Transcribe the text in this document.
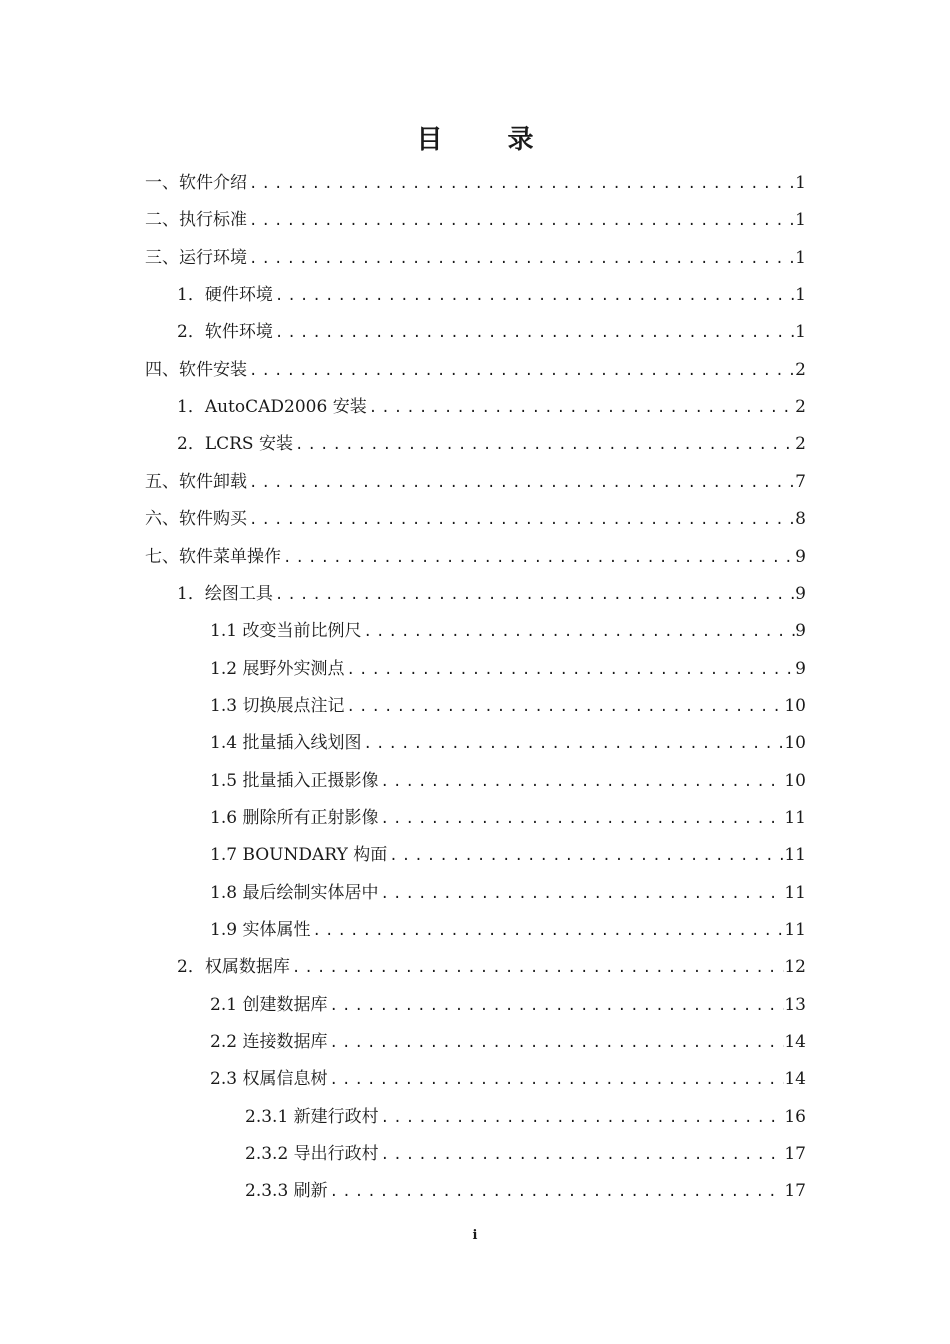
目 录
一、软件介绍 .....	1
二、执行标准 .....	1
三、运行环境 .....	1
1．硬件环境 .....	1
2．软件环境 .....	1
四、软件安装 .....	2
1．AutoCAD2006 安装 .....	2
2．LCRS 安装 .....	2
五、软件卸载 .....	7
六、软件购买 .....	8
七、软件菜单操作 .....	9
1．绘图工具 .....	9
1.1 改变当前比例尺 .....	9
1.2 展野外实测点 .....	9
1.3 切换展点注记 .....	10
1.4 批量插入线划图 .....	10
1.5 批量插入正摄影像 .....	10
1.6 删除所有正射影像 .....	11
1.7 BOUNDARY 构面 .....	11
1.8 最后绘制实体居中 .....	11
1.9 实体属性 .....	11
2．权属数据库 .....	12
2.1 创建数据库 .....	13
2.2 连接数据库 .....	14
2.3 权属信息树 .....	14
2.3.1 新建行政村 .....	16
2.3.2 导出行政村 .....	17
2.3.3 刷新 .....	17
i
